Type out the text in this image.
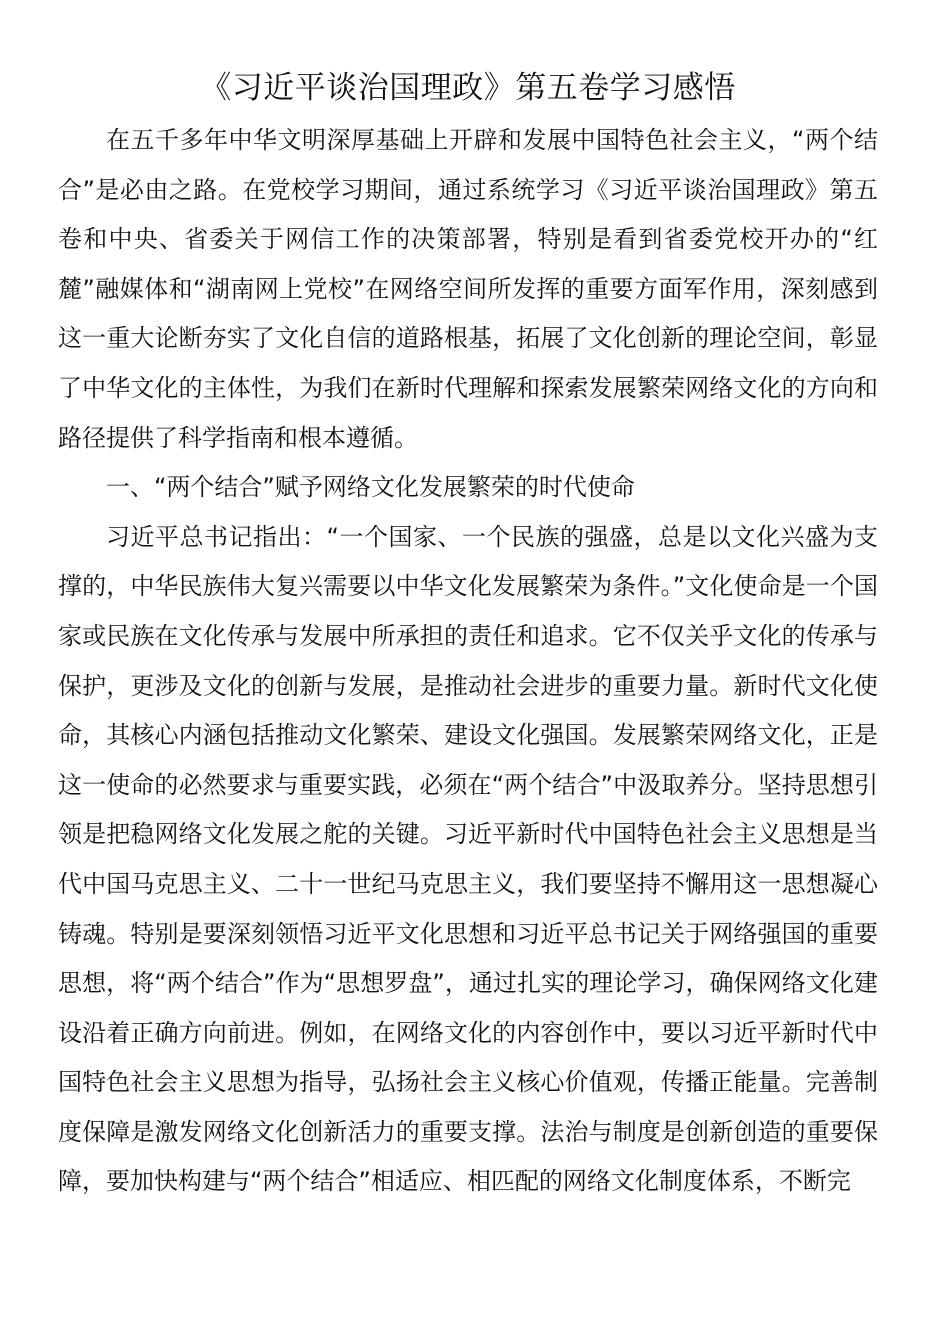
《习近平谈治国理政》第五卷学习感悟

在五千多年中华文明深厚基础上开辟和发展中国特色社会主义，“两个结合”是必由之路。在党校学习期间，通过系统学习《习近平谈治国理政》第五卷和中央、省委关于网信工作的决策部署，特别是看到省委党校开办的“红麓”融媒体和“湖南网上党校”在网络空间所发挥的重要方面军作用，深刻感到这一重大论断夯实了文化自信的道路根基，拓展了文化创新的理论空间，彰显了中华文化的主体性，为我们在新时代理解和探索发展繁荣网络文化的方向和路径提供了科学指南和根本遵循。

一、“两个结合”赋予网络文化发展繁荣的时代使命

习近平总书记指出：“一个国家、一个民族的强盛，总是以文化兴盛为支撑的，中华民族伟大复兴需要以中华文化发展繁荣为条件。”文化使命是一个国家或民族在文化传承与发展中所承担的责任和追求。它不仅关乎文化的传承与保护，更涉及文化的创新与发展，是推动社会进步的重要力量。新时代文化使命，其核心内涵包括推动文化繁荣、建设文化强国。发展繁荣网络文化，正是这一使命的必然要求与重要实践，必须在“两个结合”中汲取养分。坚持思想引领是把稳网络文化发展之舵的关键。习近平新时代中国特色社会主义思想是当代中国马克思主义、二十一世纪马克思主义，我们要坚持不懈用这一思想凝心铸魂。特别是要深刻领悟习近平文化思想和习近平总书记关于网络强国的重要思想，将“两个结合”作为“思想罗盘”，通过扎实的理论学习，确保网络文化建设沿着正确方向前进。例如，在网络文化的内容创作中，要以习近平新时代中国特色社会主义思想为指导，弘扬社会主义核心价值观，传播正能量。完善制度保障是激发网络文化创新活力的重要支撑。法治与制度是创新创造的重要保障，要加快构建与“两个结合”相适应、相匹配的网络文化制度体系，不断完
